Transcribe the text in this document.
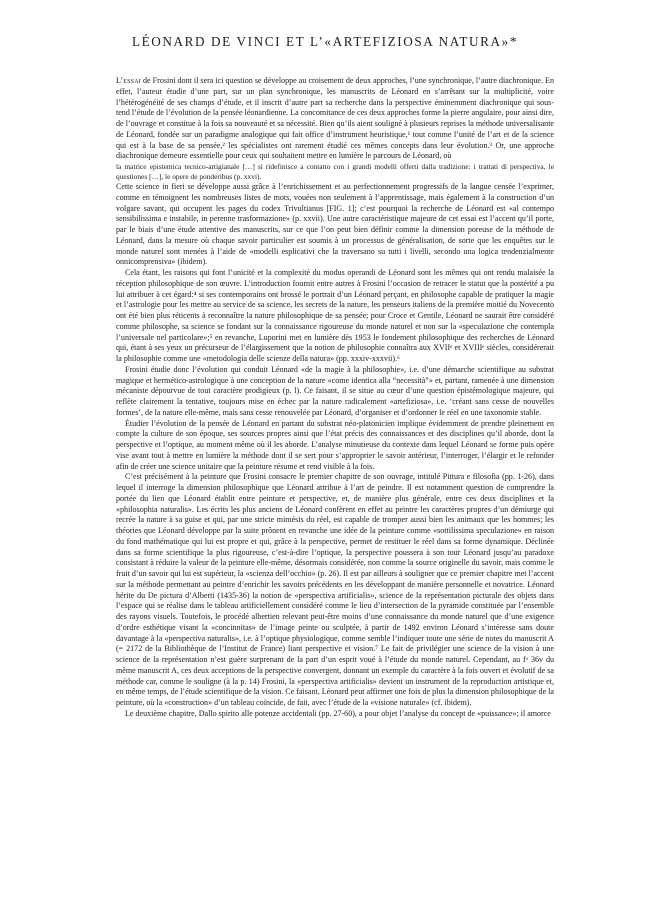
LÉONARD DE VINCI ET L’«ARTEFIZIOSA NATURA»*

L’essai de Frosini dont il sera ici question se développe au croisement de deux approches, l’une synchronique, l’autre diachronique. En effet, l’auteur étudie d’une part, sur un plan synchronique, les manuscrits de Léonard en s’arrêtant sur la multiplicité, voire l’hétérogénéité de ses champs d’étude, et il inscrit d’autre part sa recherche dans la perspective éminemment diachronique qui sous-tend l’étude de l’évolution de la pensée léonardienne. La concomitance de ces deux approches forme la pierre angulaire, pour ainsi dire, de l’ouvrage et constitue à la fois sa nouveauté et sa nécessité. Bien qu’ils aient souligné à plusieurs reprises la méthode universalisante de Léonard, fondée sur un paradigme analogique qui fait office d’instrument heuristique,¹ tout comme l’unité de l’art et de la science qui est à la base de sa pensée,² les spécialistes ont rarement étudié ces mêmes concepts dans leur évolution.³ Or, une approche diachronique demeure essentielle pour ceux qui souhaitent mettre en lumière le parcours de Léonard, où

la matrice epistemica tecnico-artigianale […] si ridefinisce a contatto con i grandi modelli offerti dalla tradizione: i trattati di perspectiva, le questiones […], le opere de ponderibus (p. xxvi).

Cette science in fieri se développe aussi grâce à l’enrichissement et au perfectionnement progressifs de la langue censée l’exprimer, comme en témoignent les nombreuses listes de mots, vouées non seulement à l’apprentissage, mais également à la construction d’un volgare savant, qui occupent les pages du codex Trivultianus [FIG. 1]; c’est pourquoi la recherche de Léonard est «al contempo sensibilissima e instabile, in perenne trasformazione» (p. xxvii). Une autre caractéristique majeure de cet essai est l’accent qu’il porte, par le biais d’une étude attentive des manuscrits, sur ce que l’on peut bien définir comme la dimension poreuse de la méthode de Léonard, dans la mesure où chaque savoir particulier est soumis à un processus de généralisation, de sorte que les enquêtes sur le monde naturel sont menées à l’aide de «modelli esplicativi che la traversano su tutti i livelli, secondo una logica tendenzialmente onnicomprensiva» (ibidem).

Cela étant, les raisons qui font l’unicité et la complexité du modus operandi de Léonard sont les mêmes qui ont rendu malaisée la réception philosophique de son œuvre. L’introduction fournit entre autres à Frosini l’occasion de retracer le statut que la postérité a pu lui attribuer à cet égard:⁴ si ses contemporains ont brossé le portrait d’un Léonard perçant, en philosophe capable de pratiquer la magie et l’astrologie pour les mettre au service de sa science, les secrets de la nature, les penseurs italiens de la première moitié du Novecento ont été bien plus réticents à reconnaître la nature philosophique de sa pensée; pour Croce et Gentile, Léonard ne saurait être considéré comme philosophe, sa science se fondant sur la connaissance rigoureuse du monde naturel et non sur la «speculazione che contempla l’universale nel particolare»;⁵ en revanche, Luporini met en lumière dès 1953 le fondement philosophique des recherches de Léonard qui, étant à ses yeux un précurseur de l’élargissement que la notion de philosophie connaîtra aux XVIIᵉ et XVIIIᵉ siècles, considérerait la philosophie comme une «metodologia delle scienze della natura» (pp. xxxiv-xxxvii).⁶

Frosini étudie donc l’évolution qui conduit Léonard «de la magie à la philosophie», i.e. d’une démarche scientifique au substrat magique et hermético-astrologique à une conception de la nature «come identica alla “necessità”» et, partant, ramenée à une dimension mécaniste dépourvue de tout caractère prodigieux (p. l). Ce faisant, il se situe au cœur d’une question épistémologique majeure, qui reflète clairement la tentative, toujours mise en échec par la nature radicalement «artefiziosa», i.e. ‘créant sans cesse de nouvelles formes’, de la nature elle-même, mais sans cesse renouvelée par Léonard, d’organiser et d’ordonner le réel en une taxonomie stable.

Étudier l’évolution de la pensée de Léonard en partant du substrat néo-platonicien implique évidemment de prendre pleinement en compte la culture de son époque, ses sources propres ainsi que l’état précis des connaissances et des disciplines qu’il aborde, dont la perspective et l’optique, au moment même où il les aborde. L’analyse minutieuse du contexte dans lequel Léonard se forme puis opère vise avant tout à mettre en lumière la méthode dont il se sert pour s’approprier le savoir antérieur, l’interroger, l’élargir et le refonder afin de créer une science unitaire que la peinture résume et rend visible à la fois.

C’est précisément à la peinture que Frosini consacre le premier chapitre de son ouvrage, intitulé Pittura e filosofia (pp. 1-26), dans lequel il interroge la dimension philosophique que Léonard attribue à l’art de peindre. Il est notamment question de comprendre la portée du lien que Léonard établit entre peinture et perspective, et, de manière plus générale, entre ces deux disciplines et la «philosophia naturalis». Les écrits les plus anciens de Léonard confèrent en effet au peintre les caractères propres d’un démiurge qui recrée la nature à sa guise et qui, par une stricte mimésis du réel, est capable de tromper aussi bien les animaux que les hommes; les théories que Léonard développe par la suite prônent en revanche une idée de la peinture comme «sottilissima speculazione» en raison du fond mathématique qui lui est propre et qui, grâce à la perspective, permet de restituer le réel dans sa forme dynamique. Déclinée dans sa forme scientifique la plus rigoureuse, c’est-à-dire l’optique, la perspective poussera à son tour Léonard jusqu’au paradoxe consistant à réduire la valeur de la peinture elle-même, désormais considérée, non comme la source originelle du savoir, mais comme le fruit d’un savoir qui lui est supérieur, la «scienza dell’occhio» (p. 26). Il est par ailleurs à souligner que ce premier chapitre met l’accent sur la méthode permettant au peintre d’enrichir les savoirs précédents en les développant de manière personnelle et novatrice. Léonard hérite du De pictura d’Alberti (1435-36) la notion de «perspectiva artificialis», science de la représentation picturale des objets dans l’espace qui se réalise dans le tableau artificiellement considéré comme le lieu d’intersection de la pyramide constituée par l’ensemble des rayons visuels. Toutefois, le procédé albertien relevant peut-être moins d’une connaissance du monde naturel que d’une exigence d’ordre esthétique visant la «concinnitas» de l’image peinte ou sculptée, à partir de 1492 environ Léonard s’intéresse sans doute davantage à la «perspectiva naturalis», i.e. à l’optique physiologique, comme semble l’indiquer toute une série de notes du manuscrit A (= 2172 de la Bibliothèque de l’Institut de France) liant perspective et vision.⁷ Le fait de privilégier une science de la vision à une science de la représentation n’est guère surprenant de la part d’un esprit voué à l’étude du monde naturel. Cependant, au fᵒ 36v du même manuscrit A, ces deux acceptions de la perspective convergent, donnant un exemple du caractère à la fois ouvert et évolutif de sa méthode car, comme le souligne (à la p. 14) Frosini, la «perspectiva artificialis» devient un instrument de la reproduction artistique et, en même temps, de l’étude scientifique de la vision. Ce faisant, Léonard peut affirmer une fois de plus la dimension philosophique de la peinture, où la «construction» d’un tableau coïncide, de fait, avec l’étude de la «visione naturale» (cf. ibidem).

Le deuxième chapitre, Dallo spirito alle potenze accidentali (pp. 27-60), a pour objet l’analyse du concept de «puissance»; il amorce
